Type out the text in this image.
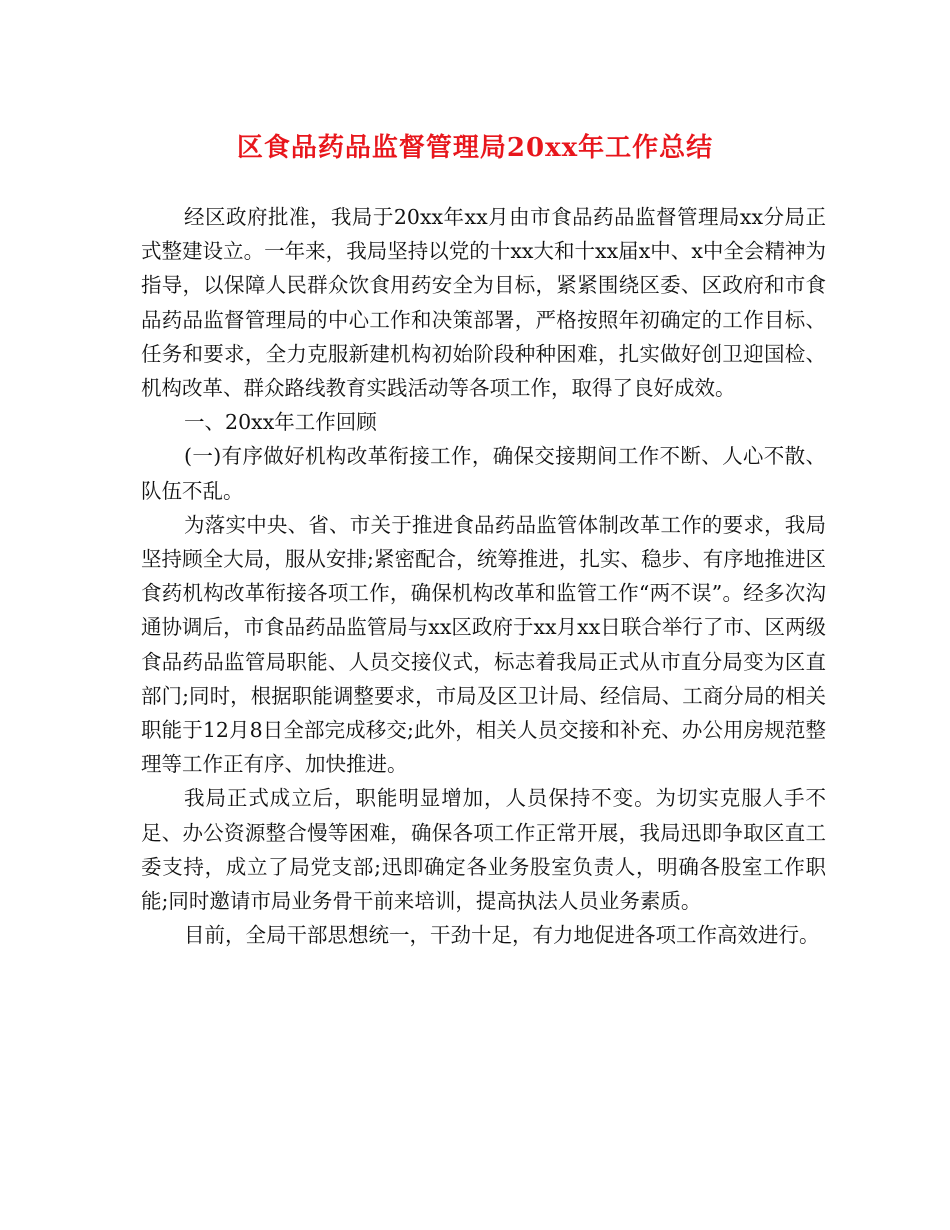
区食品药品监督管理局20xx年工作总结

经区政府批准，我局于20xx年xx月由市食品药品监督管理局xx分局正式整建设立。一年来，我局坚持以党的十xx大和十xx届x中、x中全会精神为指导，以保障人民群众饮食用药安全为目标，紧紧围绕区委、区政府和市食品药品监督管理局的中心工作和决策部署，严格按照年初确定的工作目标、任务和要求，全力克服新建机构初始阶段种种困难，扎实做好创卫迎国检、机构改革、群众路线教育实践活动等各项工作，取得了良好成效。

一、20xx年工作回顾

(一)有序做好机构改革衔接工作，确保交接期间工作不断、人心不散、队伍不乱。

为落实中央、省、市关于推进食品药品监管体制改革工作的要求，我局坚持顾全大局，服从安排;紧密配合，统筹推进，扎实、稳步、有序地推进区食药机构改革衔接各项工作，确保机构改革和监管工作“两不误”。经多次沟通协调后，市食品药品监管局与xx区政府于xx月xx日联合举行了市、区两级食品药品监管局职能、人员交接仪式，标志着我局正式从市直分局变为区直部门;同时，根据职能调整要求，市局及区卫计局、经信局、工商分局的相关职能于12月8日全部完成移交;此外，相关人员交接和补充、办公用房规范整理等工作正有序、加快推进。

我局正式成立后，职能明显增加，人员保持不变。为切实克服人手不足、办公资源整合慢等困难，确保各项工作正常开展，我局迅即争取区直工委支持，成立了局党支部;迅即确定各业务股室负责人，明确各股室工作职能;同时邀请市局业务骨干前来培训，提高执法人员业务素质。

目前，全局干部思想统一，干劲十足，有力地促进各项工作高效进行。
